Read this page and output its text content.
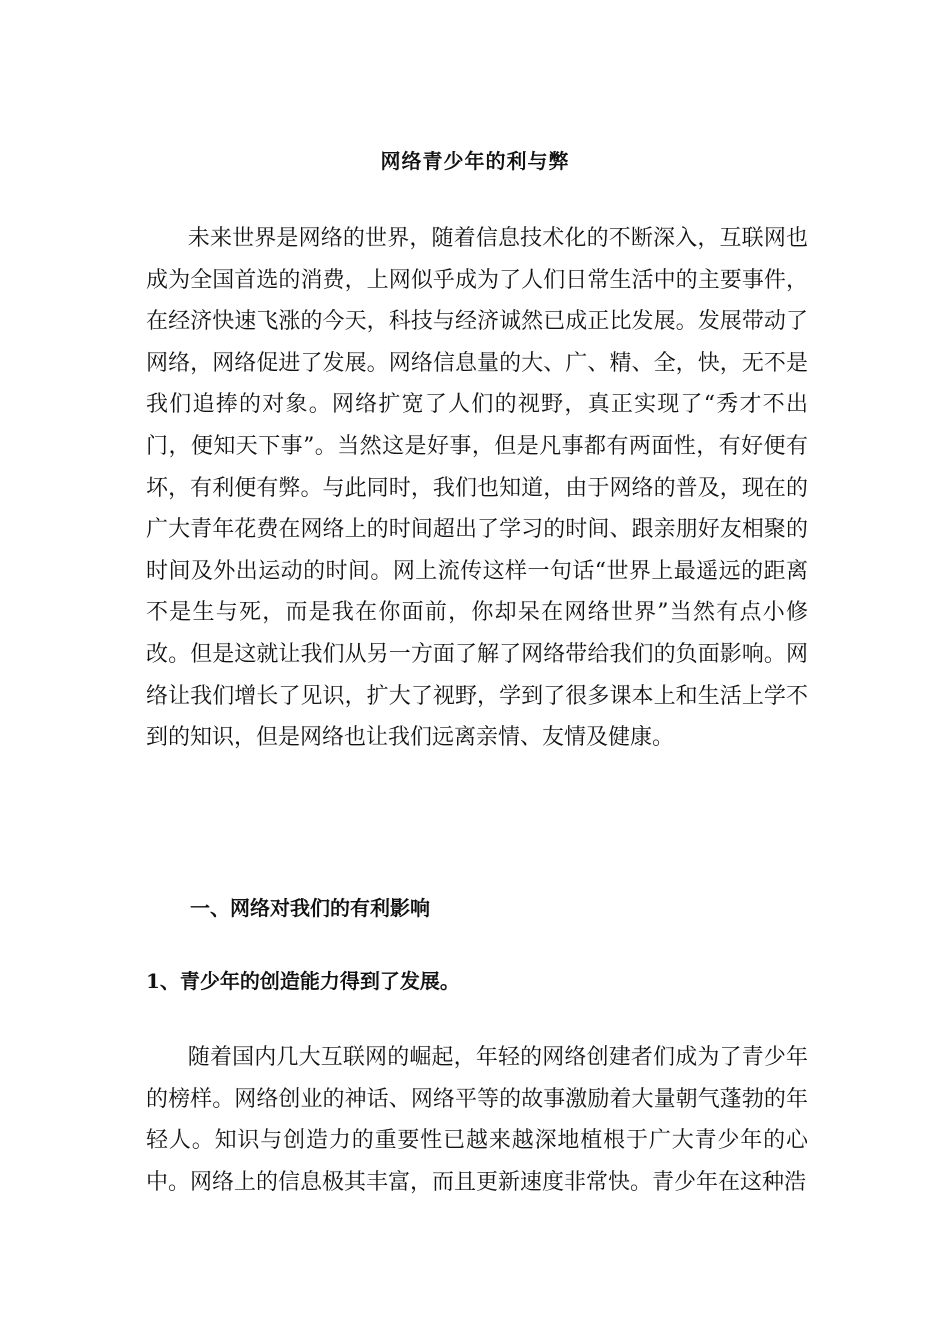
网络青少年的利与弊

未来世界是网络的世界，随着信息技术化的不断深入，互联网也成为全国首选的消费，上网似乎成为了人们日常生活中的主要事件，在经济快速飞涨的今天，科技与经济诚然已成正比发展。发展带动了网络，网络促进了发展。网络信息量的大、广、精、全，快，无不是我们追捧的对象。网络扩宽了人们的视野，真正实现了“秀才不出门，便知天下事”。当然这是好事，但是凡事都有两面性，有好便有坏，有利便有弊。与此同时，我们也知道，由于网络的普及，现在的广大青年花费在网络上的时间超出了学习的时间、跟亲朋好友相聚的时间及外出运动的时间。网上流传这样一句话“世界上最遥远的距离不是生与死，而是我在你面前，你却呆在网络世界”当然有点小修改。但是这就让我们从另一方面了解了网络带给我们的负面影响。网络让我们增长了见识，扩大了视野，学到了很多课本上和生活上学不到的知识，但是网络也让我们远离亲情、友情及健康。

一、网络对我们的有利影响
1、青少年的创造能力得到了发展。

随着国内几大互联网的崛起，年轻的网络创建者们成为了青少年的榜样。网络创业的神话、网络平等的故事激励着大量朝气蓬勃的年轻人。知识与创造力的重要性已越来越深地植根于广大青少年的心中。网络上的信息极其丰富，而且更新速度非常快。青少年在这种浩
